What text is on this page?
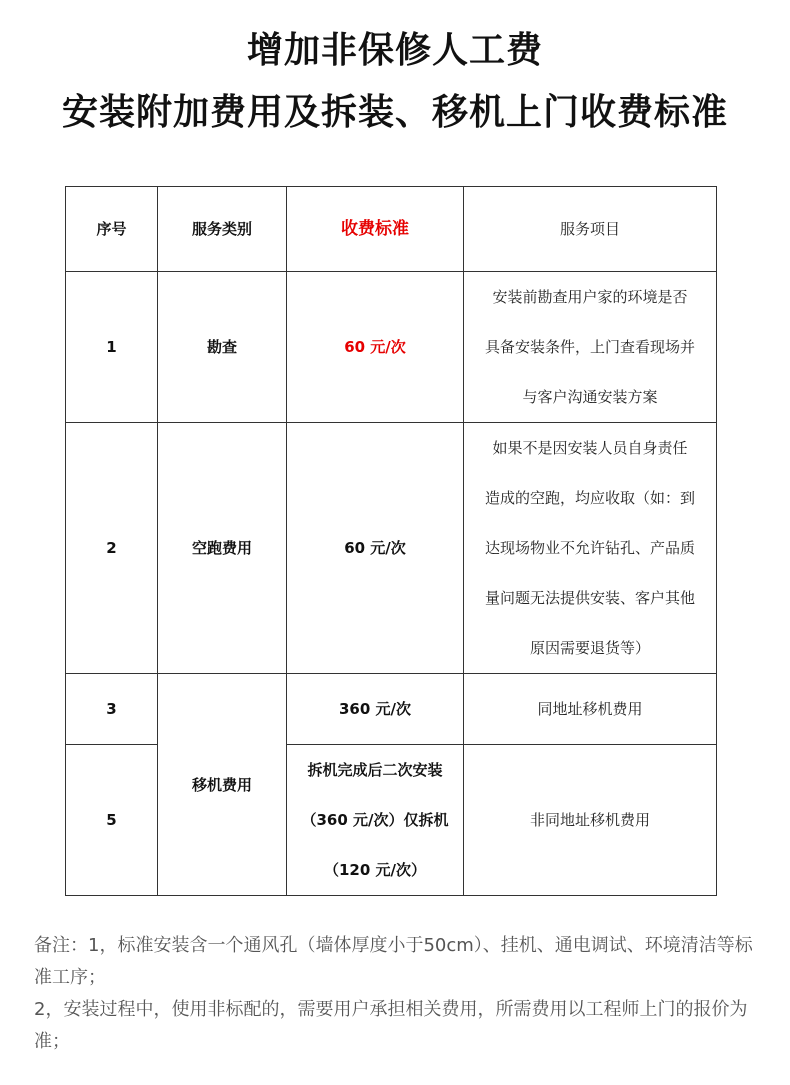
增加非保修人工费
安装附加费用及拆装、移机上门收费标准
序号	服务类别	收费标准	服务项目
1	勘查	60 元/次	安装前勘查用户家的环境是否
具备安装条件，上门查看现场并
与客户沟通安装方案

2	空跑费用	60 元/次	如果不是因安装人员自身责任
造成的空跑，均应收取（如：到
达现场物业不允许钻孔、产品质
量问题无法提供安装、客户其他
原因需要退货等）

3	移机费用	360 元/次	同地址移机费用
5		拆机完成后二次安装
（360 元/次）仅拆机
（120 元/次）	非同地址移机费用
备注：1，标准安装含一个通风孔（墙体厚度小于50cm）、挂机、通电调试、环境清洁等标准工序；
2，安装过程中，使用非标配的，需要用户承担相关费用，所需费用以工程师上门的报价为准；
